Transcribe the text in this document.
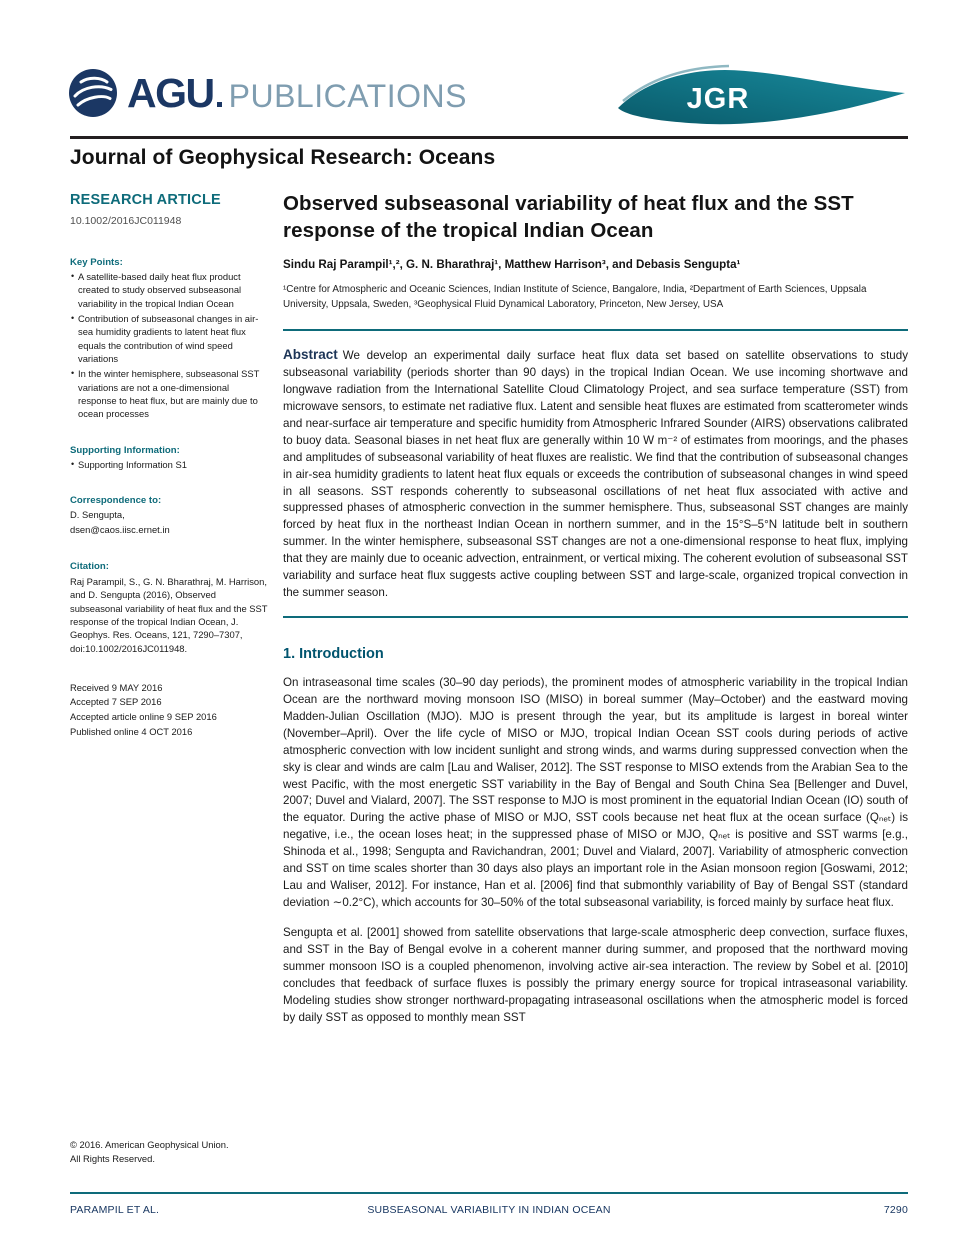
AGU PUBLICATIONS	JGR
Journal of Geophysical Research: Oceans
RESEARCH ARTICLE
10.1002/2016JC011948
Key Points:
• A satellite-based daily heat flux product created to study observed subseasonal variability in the tropical Indian Ocean
• Contribution of subseasonal changes in air-sea humidity gradients to latent heat flux equals the contribution of wind speed variations
• In the winter hemisphere, subseasonal SST variations are not a one-dimensional response to heat flux, but are mainly due to ocean processes
Supporting Information:
• Supporting Information S1
Correspondence to:
D. Sengupta,
dsen@caos.iisc.ernet.in
Citation:
Raj Parampil, S., G. N. Bharathraj, M. Harrison, and D. Sengupta (2016), Observed subseasonal variability of heat flux and the SST response of the tropical Indian Ocean, J. Geophys. Res. Oceans, 121, 7290–7307, doi:10.1002/2016JC011948.
Received 9 MAY 2016
Accepted 7 SEP 2016
Accepted article online 9 SEP 2016
Published online 4 OCT 2016
© 2016. American Geophysical Union.
All Rights Reserved.
Observed subseasonal variability of heat flux and the SST response of the tropical Indian Ocean
Sindu Raj Parampil¹,², G. N. Bharathraj¹, Matthew Harrison³, and Debasis Sengupta¹
¹Centre for Atmospheric and Oceanic Sciences, Indian Institute of Science, Bangalore, India, ²Department of Earth Sciences, Uppsala University, Uppsala, Sweden, ³Geophysical Fluid Dynamical Laboratory, Princeton, New Jersey, USA

Abstract We develop an experimental daily surface heat flux data set based on satellite observations to study subseasonal variability (periods shorter than 90 days) in the tropical Indian Ocean. We use incoming shortwave and longwave radiation from the International Satellite Cloud Climatology Project, and sea surface temperature (SST) from microwave sensors, to estimate net radiative flux. Latent and sensible heat fluxes are estimated from scatterometer winds and near-surface air temperature and specific humidity from Atmospheric Infrared Sounder (AIRS) observations calibrated to buoy data. Seasonal biases in net heat flux are generally within 10 W m⁻² of estimates from moorings, and the phases and amplitudes of subseasonal variability of heat fluxes are realistic. We find that the contribution of subseasonal changes in air-sea humidity gradients to latent heat flux equals or exceeds the contribution of subseasonal changes in wind speed in all seasons. SST responds coherently to subseasonal oscillations of net heat flux associated with active and suppressed phases of atmospheric convection in the summer hemisphere. Thus, subseasonal SST changes are mainly forced by heat flux in the northeast Indian Ocean in northern summer, and in the 15°S–5°N latitude belt in southern summer. In the winter hemisphere, subseasonal SST changes are not a one-dimensional response to heat flux, implying that they are mainly due to oceanic advection, entrainment, or vertical mixing. The coherent evolution of subseasonal SST variability and surface heat flux suggests active coupling between SST and large-scale, organized tropical convection in the summer season.

1. Introduction

On intraseasonal time scales (30–90 day periods), the prominent modes of atmospheric variability in the tropical Indian Ocean are the northward moving monsoon ISO (MISO) in boreal summer (May–October) and the eastward moving Madden-Julian Oscillation (MJO). MJO is present through the year, but its amplitude is largest in boreal winter (November–April). Over the life cycle of MISO or MJO, tropical Indian Ocean SST cools during periods of active atmospheric convection with low incident sunlight and strong winds, and warms during suppressed convection when the sky is clear and winds are calm [Lau and Waliser, 2012]. The SST response to MISO extends from the Arabian Sea to the west Pacific, with the most energetic SST variability in the Bay of Bengal and South China Sea [Bellenger and Duvel, 2007; Duvel and Vialard, 2007]. The SST response to MJO is most prominent in the equatorial Indian Ocean (IO) south of the equator. During the active phase of MISO or MJO, SST cools because net heat flux at the ocean surface (Qₙₑₜ) is negative, i.e., the ocean loses heat; in the suppressed phase of MISO or MJO, Qₙₑₜ is positive and SST warms [e.g., Shinoda et al., 1998; Sengupta and Ravichandran, 2001; Duvel and Vialard, 2007]. Variability of atmospheric convection and SST on time scales shorter than 30 days also plays an important role in the Asian monsoon region [Goswami, 2012; Lau and Waliser, 2012]. For instance, Han et al. [2006] find that submonthly variability of Bay of Bengal SST (standard deviation ∼0.2°C), which accounts for 30–50% of the total subseasonal variability, is forced mainly by surface heat flux.

Sengupta et al. [2001] showed from satellite observations that large-scale atmospheric deep convection, surface fluxes, and SST in the Bay of Bengal evolve in a coherent manner during summer, and proposed that the northward moving summer monsoon ISO is a coupled phenomenon, involving active air-sea interaction. The review by Sobel et al. [2010] concludes that feedback of surface fluxes is possibly the primary energy source for tropical intraseasonal variability. Modeling studies show stronger northward-propagating intraseasonal oscillations when the atmospheric model is forced by daily SST as opposed to monthly mean SST

PARAMPIL ET AL.	SUBSEASONAL VARIABILITY IN INDIAN OCEAN	7290
